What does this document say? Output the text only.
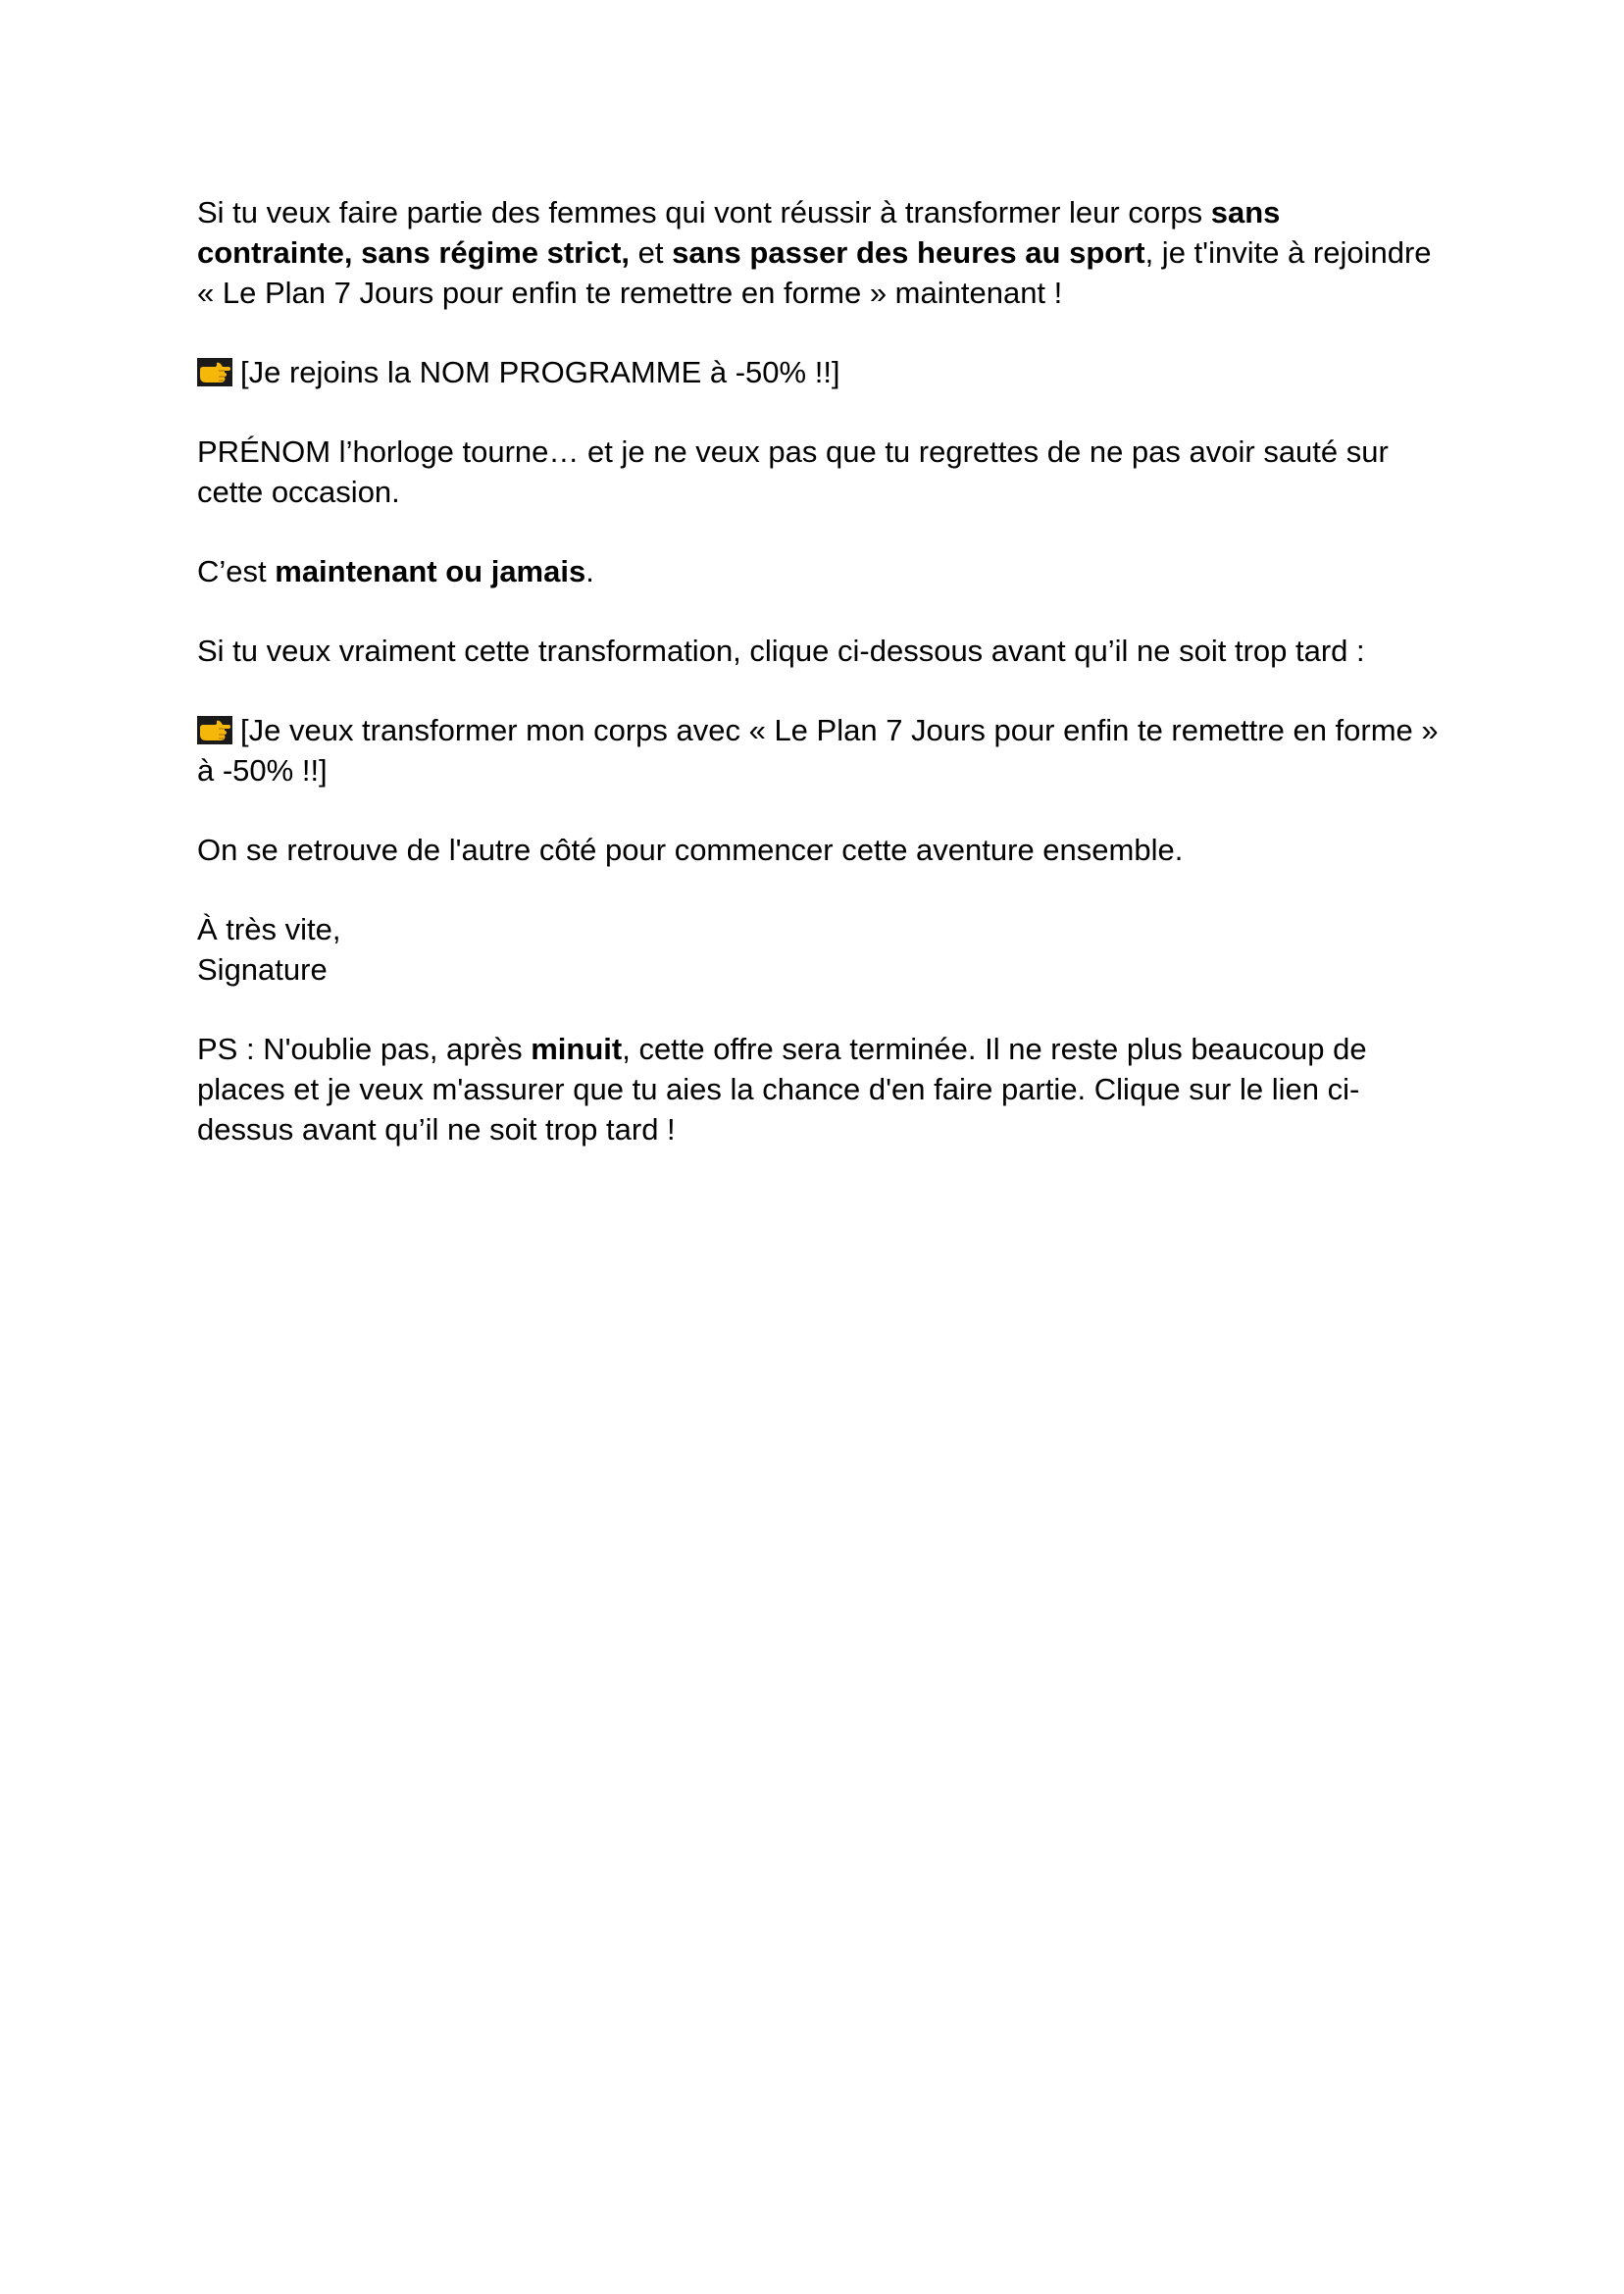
Si tu veux faire partie des femmes qui vont réussir à transformer leur corps sans contrainte, sans régime strict, et sans passer des heures au sport, je t'invite à rejoindre « Le Plan 7 Jours pour enfin te remettre en forme » maintenant !

[Je rejoins la NOM PROGRAMME à -50% !!]

PRÉNOM l’horloge tourne… et je ne veux pas que tu regrettes de ne pas avoir sauté sur cette occasion.

C’est maintenant ou jamais.

Si tu veux vraiment cette transformation, clique ci-dessous avant qu’il ne soit trop tard :

[Je veux transformer mon corps avec « Le Plan 7 Jours pour enfin te remettre en forme » à -50% !!]

On se retrouve de l'autre côté pour commencer cette aventure ensemble.

À très vite,
Signature

PS : N'oublie pas, après minuit, cette offre sera terminée. Il ne reste plus beaucoup de places et je veux m'assurer que tu aies la chance d'en faire partie. Clique sur le lien ci-dessus avant qu’il ne soit trop tard !
